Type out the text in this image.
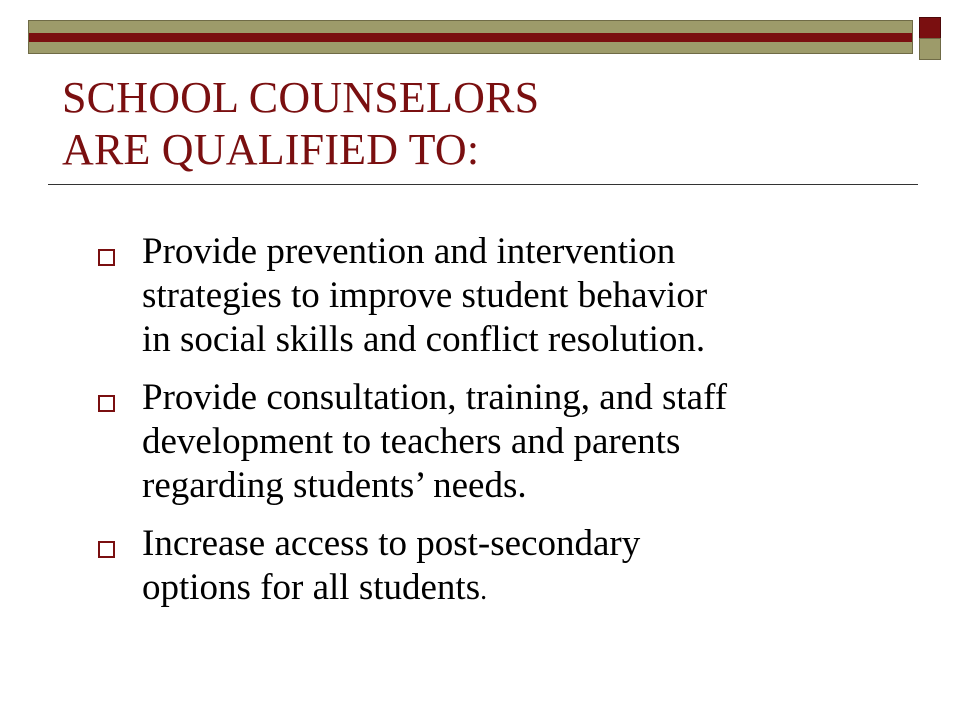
SCHOOL COUNSELORS
ARE QUALIFIED TO:
Provide prevention and intervention
strategies to improve student behavior
in social skills and conflict resolution.
Provide consultation, training, and staff
development to teachers and parents
regarding students’ needs.
Increase access to post-secondary
options for all students.
